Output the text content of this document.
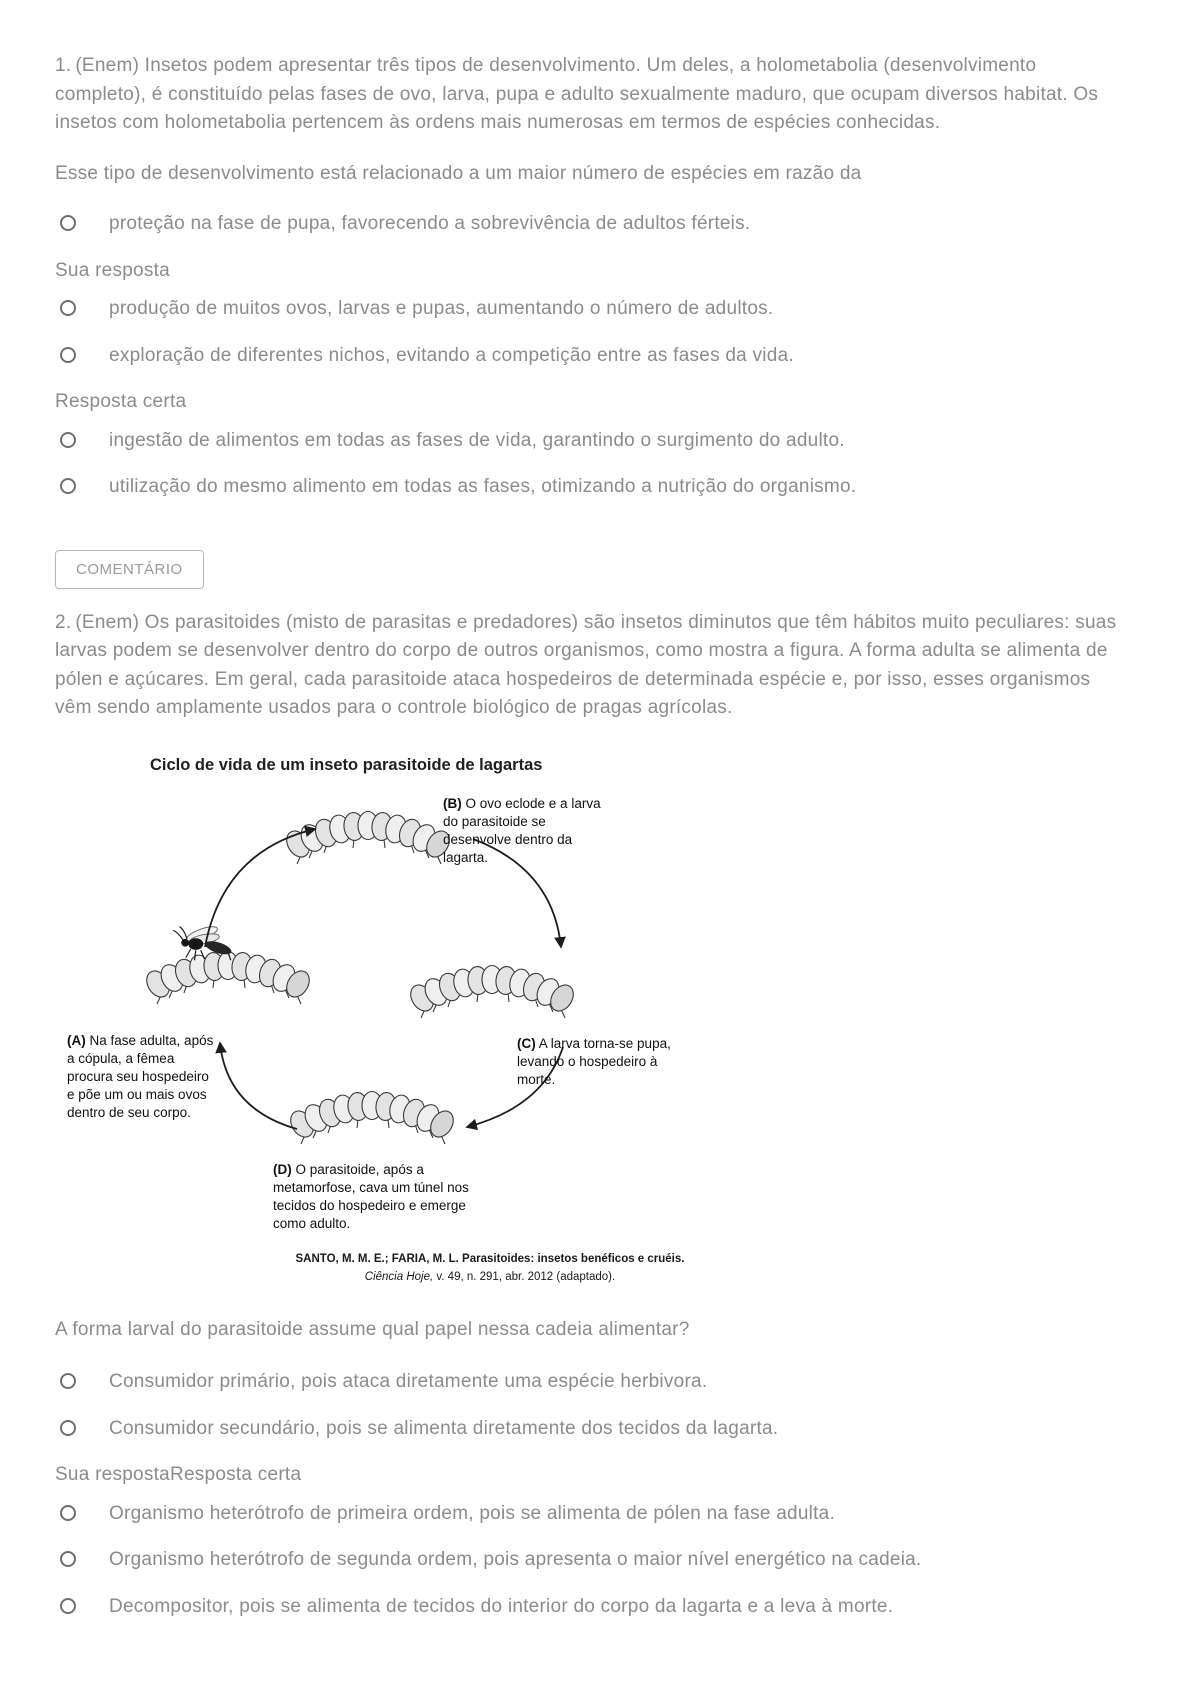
1. (Enem) Insetos podem apresentar três tipos de desenvolvimento. Um deles, a holometabolia (desenvolvimento completo), é constituído pelas fases de ovo, larva, pupa e adulto sexualmente maduro, que ocupam diversos habitat. Os insetos com holometabolia pertencem às ordens mais numerosas em termos de espécies conhecidas.

Esse tipo de desenvolvimento está relacionado a um maior número de espécies em razão da

proteção na fase de pupa, favorecendo a sobrevivência de adultos férteis.

Sua resposta

produção de muitos ovos, larvas e pupas, aumentando o número de adultos.
exploração de diferentes nichos, evitando a competição entre as fases da vida.

Resposta certa

ingestão de alimentos em todas as fases de vida, garantindo o surgimento do adulto.
utilização do mesmo alimento em todas as fases, otimizando a nutrição do organismo.
COMENTÁRIO

2. (Enem) Os parasitoides (misto de parasitas e predadores) são insetos diminutos que têm hábitos muito peculiares: suas larvas podem se desenvolver dentro do corpo de outros organismos, como mostra a figura. A forma adulta se alimenta de pólen e açúcares. Em geral, cada parasitoide ataca hospedeiros de determinada espécie e, por isso, esses organismos vêm sendo amplamente usados para o controle biológico de pragas agrícolas.

Ciclo de vida de um inseto parasitoide de lagartas

(B) O ovo eclode e a larva do parasitoide se desenvolve dentro da lagarta.
(A) Na fase adulta, após a cópula, a fêmea procura seu hospedeiro e põe um ou mais ovos dentro de seu corpo.
(C) A larva torna-se pupa, levando o hospedeiro à morte.
(D) O parasitoide, após a metamorfose, cava um túnel nos tecidos do hospedeiro e emerge como adulto.
SANTO, M. M. E.; FARIA, M. L. Parasitoides: insetos benéficos e cruéis.
Ciência Hoje, v. 49, n. 291, abr. 2012 (adaptado).

A forma larval do parasitoide assume qual papel nessa cadeia alimentar?

Consumidor primário, pois ataca diretamente uma espécie herbivora.
Consumidor secundário, pois se alimenta diretamente dos tecidos da lagarta.

Sua respostaResposta certa

Organismo heterótrofo de primeira ordem, pois se alimenta de pólen na fase adulta.
Organismo heterótrofo de segunda ordem, pois apresenta o maior nível energético na cadeia.
Decompositor, pois se alimenta de tecidos do interior do corpo da lagarta e a leva à morte.
